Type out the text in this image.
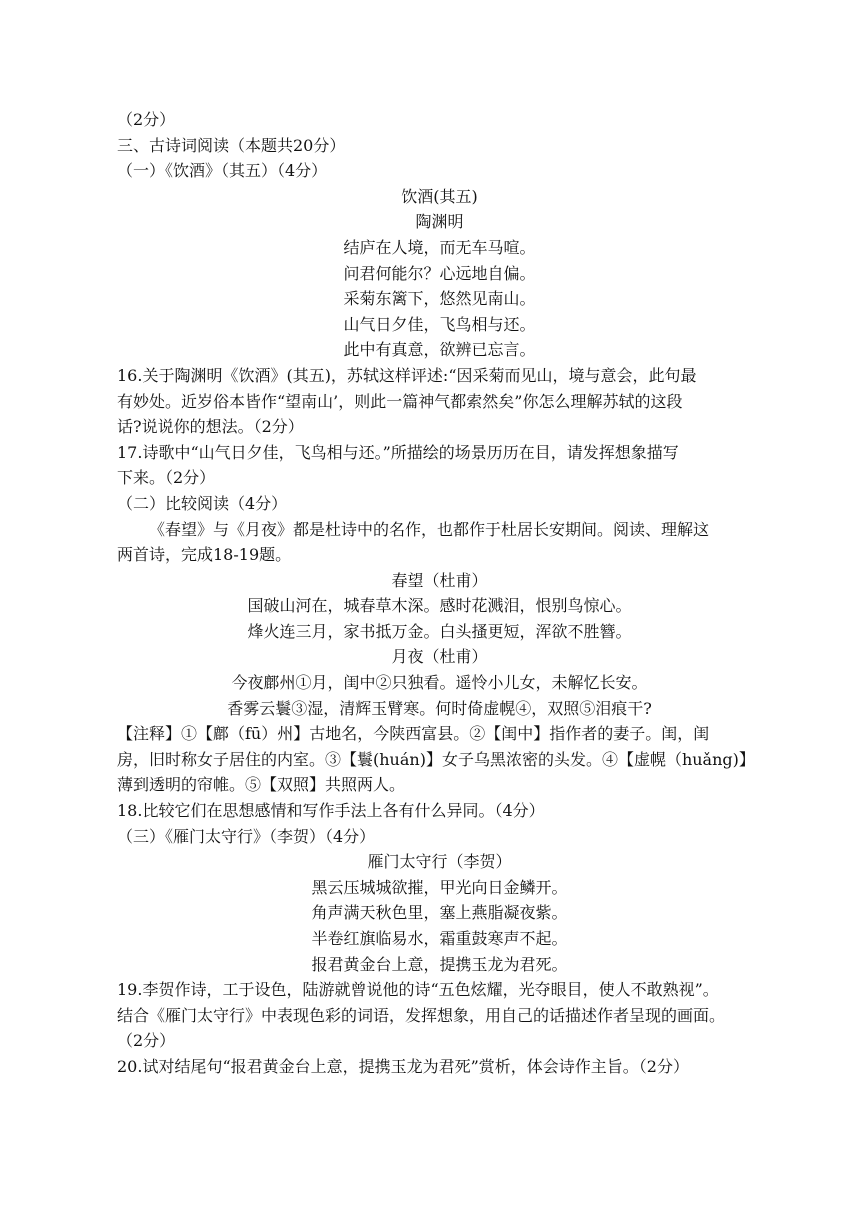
（2分）
三、古诗词阅读（本题共20分）
（一）《饮酒》（其五）（4分）
饮酒(其五)
陶渊明
结庐在人境，而无车马喧。
问君何能尔？心远地自偏。
采菊东篱下，悠然见南山。
山气日夕佳，飞鸟相与还。
此中有真意，欲辨已忘言。
16.关于陶渊明《饮酒》(其五)，苏轼这样评述:“因采菊而见山，境与意会，此句最
有妙处。近岁俗本皆作“望南山’，则此一篇神气都索然矣”你怎么理解苏轼的这段
话?说说你的想法。（2分）
17.诗歌中“山气日夕佳，飞鸟相与还。”所描绘的场景历历在目，请发挥想象描写
下来。（2分）
（二）比较阅读（4分）
《春望》与《月夜》都是杜诗中的名作，也都作于杜居长安期间。阅读、理解这
两首诗，完成18-19题。
春望（杜甫）
国破山河在，城春草木深。感时花溅泪，恨别鸟惊心。
烽火连三月，家书抵万金。白头搔更短，浑欲不胜簪。
月夜（杜甫）
今夜鄜州①月，闺中②只独看。遥怜小儿女，未解忆长安。
香雾云鬟③湿，清辉玉臂寒。何时倚虚幌④，双照⑤泪痕干?
【注释】①【鄜（fū）州】古地名，今陕西富县。②【闺中】指作者的妻子。闺，闺
房，旧时称女子居住的内室。③【鬟(huán)】女子乌黑浓密的头发。④【虚幌（huǎng)】
薄到透明的帘帷。⑤【双照】共照两人。
18.比较它们在思想感情和写作手法上各有什么异同。（4分）
（三）《雁门太守行》（李贺）（4分）
雁门太守行（李贺）
黑云压城城欲摧，甲光向日金鳞开。
角声满天秋色里，塞上燕脂凝夜紫。
半卷红旗临易水，霜重鼓寒声不起。
报君黄金台上意，提携玉龙为君死。
19.李贺作诗，工于设色，陆游就曾说他的诗“五色炫耀，光夺眼目，使人不敢熟视”。
结合《雁门太守行》中表现色彩的词语，发挥想象，用自己的话描述作者呈现的画面。
（2分）
20.试对结尾句“报君黄金台上意，提携玉龙为君死”赏析，体会诗作主旨。（2分）
